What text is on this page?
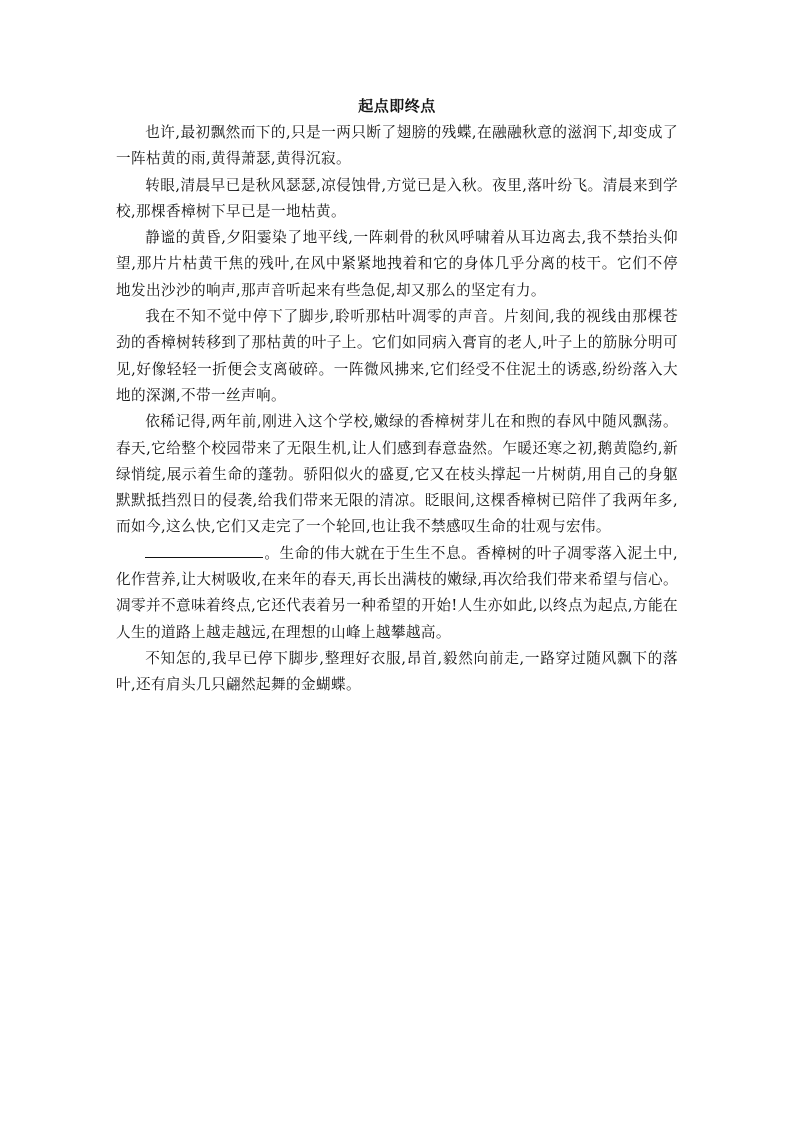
起点即终点

也许,最初飘然而下的,只是一两只断了翅膀的残蝶,在融融秋意的滋润下,却变成了一阵枯黄的雨,黄得萧瑟,黄得沉寂。

转眼,清晨早已是秋风瑟瑟,凉侵蚀骨,方觉已是入秋。夜里,落叶纷飞。清晨来到学校,那棵香樟树下早已是一地枯黄。

静谧的黄昏,夕阳霎染了地平线,一阵刺骨的秋风呼啸着从耳边离去,我不禁抬头仰望,那片片枯黄干焦的残叶,在风中紧紧地拽着和它的身体几乎分离的枝干。它们不停地发出沙沙的响声,那声音听起来有些急促,却又那么的坚定有力。

我在不知不觉中停下了脚步,聆听那枯叶凋零的声音。片刻间,我的视线由那棵苍劲的香樟树转移到了那枯黄的叶子上。它们如同病入膏肓的老人,叶子上的筋脉分明可见,好像轻轻一折便会支离破碎。一阵微风拂来,它们经受不住泥土的诱惑,纷纷落入大地的深渊,不带一丝声响。

依稀记得,两年前,刚进入这个学校,嫩绿的香樟树芽儿在和煦的春风中随风飘荡。春天,它给整个校园带来了无限生机,让人们感到春意盎然。乍暖还寒之初,鹅黄隐约,新绿悄绽,展示着生命的蓬勃。骄阳似火的盛夏,它又在枝头撑起一片树荫,用自己的身躯默默抵挡烈日的侵袭,给我们带来无限的清凉。眨眼间,这棵香樟树已陪伴了我两年多,而如今,这么快,它们又走完了一个轮回,也让我不禁感叹生命的壮观与宏伟。

。生命的伟大就在于生生不息。香樟树的叶子凋零落入泥土中,化作营养,让大树吸收,在来年的春天,再长出满枝的嫩绿,再次给我们带来希望与信心。凋零并不意味着终点,它还代表着另一种希望的开始!人生亦如此,以终点为起点,方能在人生的道路上越走越远,在理想的山峰上越攀越高。

不知怎的,我早已停下脚步,整理好衣服,昂首,毅然向前走,一路穿过随风飘下的落叶,还有肩头几只翩然起舞的金蝴蝶。
